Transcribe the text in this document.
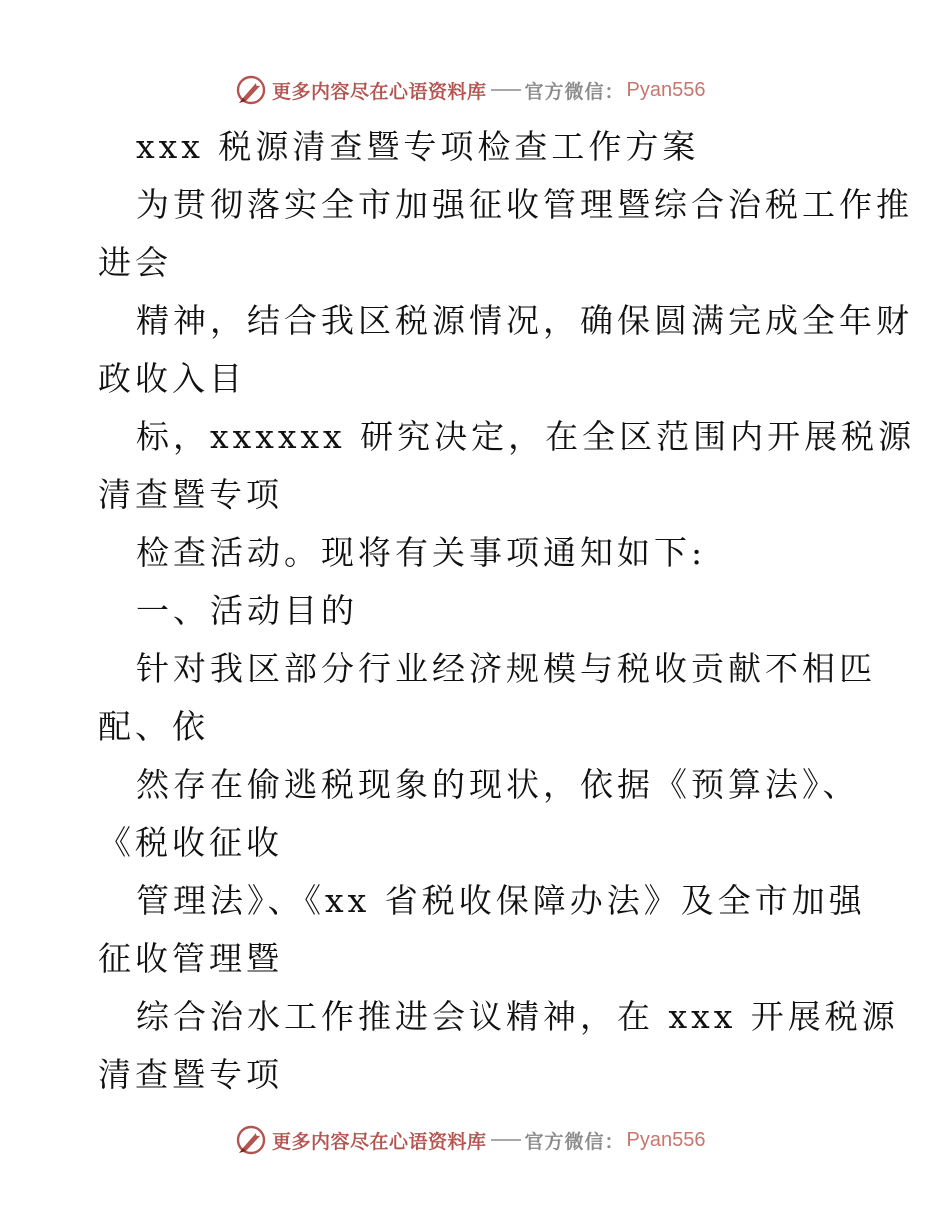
更多内容尽在心语资料库 官方微信： Pyan556
xxx 税源清查暨专项检查工作方案
为贯彻落实全市加强征收管理暨综合治税工作推
进会
精神，结合我区税源情况，确保圆满完成全年财
政收入目
标，xxxxxx 研究决定，在全区范围内开展税源
清查暨专项
检查活动。现将有关事项通知如下:
一、活动目的
针对我区部分行业经济规模与税收贡献不相匹
配、依
然存在偷逃税现象的现状，依据《预算法》、
《税收征收
管理法》、《xx 省税收保障办法》及全市加强
征收管理暨
综合治水工作推进会议精神，在 xxx 开展税源
清查暨专项
更多内容尽在心语资料库 官方微信： Pyan556
